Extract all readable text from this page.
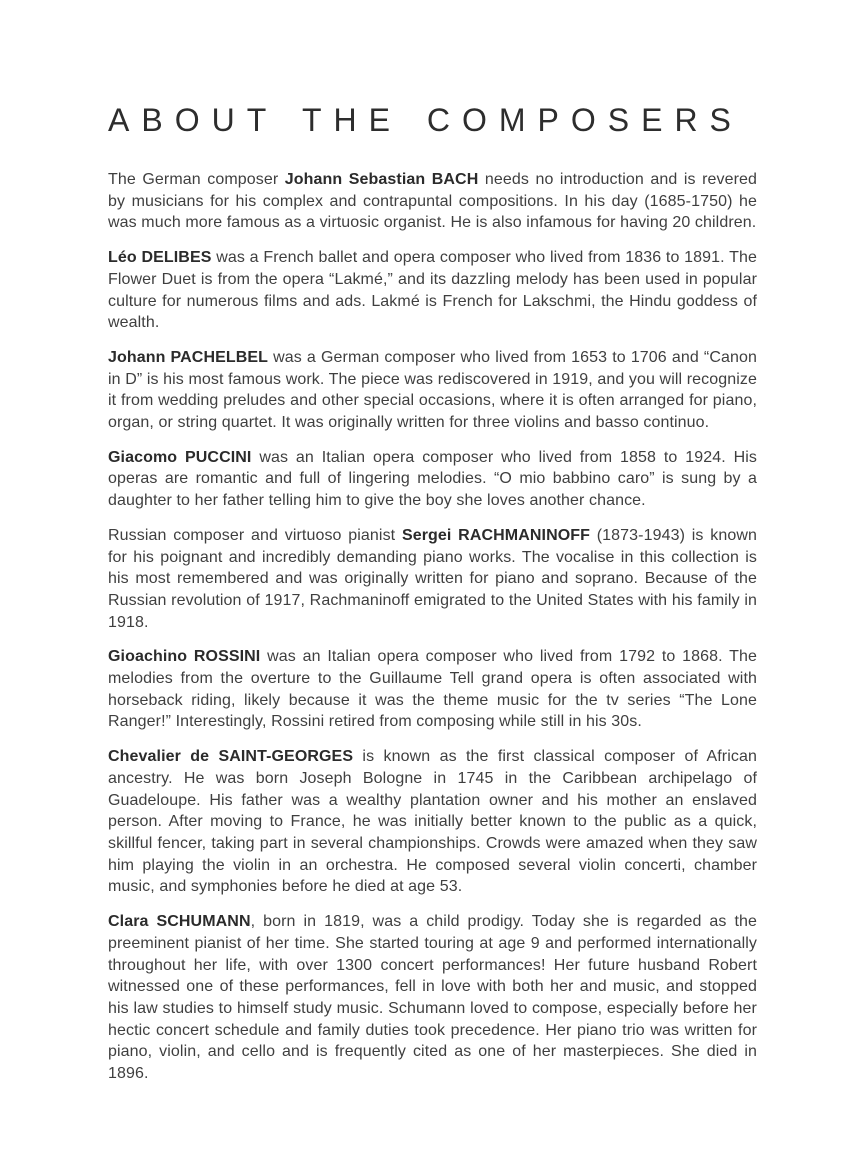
ABOUT THE COMPOSERS

The German composer Johann Sebastian BACH needs no introduction and is revered by musicians for his complex and contrapuntal compositions. In his day (1685-1750) he was much more famous as a virtuosic organist. He is also infamous for having 20 children.

Léo DELIBES was a French ballet and opera composer who lived from 1836 to 1891. The Flower Duet is from the opera “Lakmé,” and its dazzling melody has been used in popular culture for numerous films and ads. Lakmé is French for Lakschmi, the Hindu goddess of wealth.

Johann PACHELBEL was a German composer who lived from 1653 to 1706 and “Canon in D” is his most famous work. The piece was rediscovered in 1919, and you will recognize it from wedding preludes and other special occasions, where it is often arranged for piano, organ, or string quartet. It was originally written for three violins and basso continuo.

Giacomo PUCCINI was an Italian opera composer who lived from 1858 to 1924. His operas are romantic and full of lingering melodies. “O mio babbino caro” is sung by a daughter to her father telling him to give the boy she loves another chance.

Russian composer and virtuoso pianist Sergei RACHMANINOFF (1873-1943) is known for his poignant and incredibly demanding piano works. The vocalise in this collection is his most remembered and was originally written for piano and soprano. Because of the Russian revolution of 1917, Rachmaninoff emigrated to the United States with his family in 1918.

Gioachino ROSSINI was an Italian opera composer who lived from 1792 to 1868. The melodies from the overture to the Guillaume Tell grand opera is often associated with horseback riding, likely because it was the theme music for the tv series “The Lone Ranger!” Interestingly, Rossini retired from composing while still in his 30s.

Chevalier de SAINT-GEORGES is known as the first classical composer of African ancestry. He was born Joseph Bologne in 1745 in the Caribbean archipelago of Guadeloupe. His father was a wealthy plantation owner and his mother an enslaved person. After moving to France, he was initially better known to the public as a quick, skillful fencer, taking part in several championships. Crowds were amazed when they saw him playing the violin in an orchestra. He composed several violin concerti, chamber music, and symphonies before he died at age 53.

Clara SCHUMANN, born in 1819, was a child prodigy. Today she is regarded as the preeminent pianist of her time. She started touring at age 9 and performed internationally throughout her life, with over 1300 concert performances! Her future husband Robert witnessed one of these performances, fell in love with both her and music, and stopped his law studies to himself study music. Schumann loved to compose, especially before her hectic concert schedule and family duties took precedence. Her piano trio was written for piano, violin, and cello and is frequently cited as one of her masterpieces. She died in 1896.
